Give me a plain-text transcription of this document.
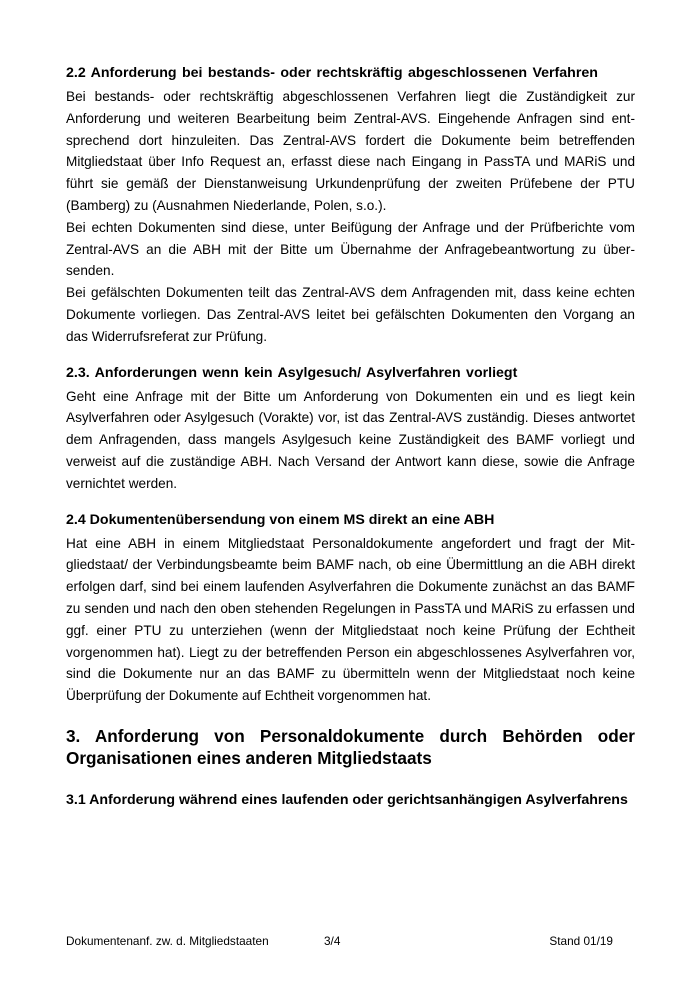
2.2 Anforderung bei bestands- oder rechtskräftig abgeschlossenen Verfahren

Bei bestands- oder rechtskräftig abgeschlossenen Verfahren liegt die Zuständigkeit zur Anforderung und weiteren Bearbeitung beim Zentral-AVS. Eingehende Anfragen sind entsprechend dort hinzuleiten. Das Zentral-AVS fordert die Dokumente beim betreffenden Mitgliedstaat über Info Request an, erfasst diese nach Eingang in PassTA und MARiS und führt sie gemäß der Dienstanweisung Urkundenprüfung der zweiten Prüfebene der PTU (Bamberg) zu (Ausnahmen Niederlande, Polen, s.o.).

Bei echten Dokumenten sind diese, unter Beifügung der Anfrage und der Prüfberichte vom Zentral-AVS an die ABH mit der Bitte um Übernahme der Anfragebeantwortung zu übersenden.

Bei gefälschten Dokumenten teilt das Zentral-AVS dem Anfragenden mit, dass keine echten Dokumente vorliegen. Das Zentral-AVS leitet bei gefälschten Dokumenten den Vorgang an das Widerrufsreferat zur Prüfung.

2.3. Anforderungen wenn kein Asylgesuch/ Asylverfahren vorliegt

Geht eine Anfrage mit der Bitte um Anforderung von Dokumenten ein und es liegt kein Asylverfahren oder Asylgesuch (Vorakte) vor, ist das Zentral-AVS zuständig. Dieses antwortet dem Anfragenden, dass mangels Asylgesuch keine Zuständigkeit des BAMF vorliegt und verweist auf die zuständige ABH. Nach Versand der Antwort kann diese, sowie die Anfrage vernichtet werden.

2.4 Dokumentenübersendung von einem MS direkt an eine ABH

Hat eine ABH in einem Mitgliedstaat Personaldokumente angefordert und fragt der Mitgliedstaat/ der Verbindungsbeamte beim BAMF nach, ob eine Übermittlung an die ABH direkt erfolgen darf, sind bei einem laufenden Asylverfahren die Dokumente zunächst an das BAMF zu senden und nach den oben stehenden Regelungen in PassTA und MARiS zu erfassen und ggf. einer PTU zu unterziehen (wenn der Mitgliedstaat noch keine Prüfung der Echtheit vorgenommen hat). Liegt zu der betreffenden Person ein abgeschlossenes Asylverfahren vor, sind die Dokumente nur an das BAMF zu übermitteln wenn der Mitgliedstaat noch keine Überprüfung der Dokumente auf Echtheit vorgenommen hat.

3. Anforderung von Personaldokumente durch Behörden oder Organisationen eines anderen Mitgliedstaats
3.1 Anforderung während eines laufenden oder gerichtsanhängigen Asylverfahrens
Dokumentenanf. zw. d. Mitgliedstaaten	3/4	Stand 01/19
